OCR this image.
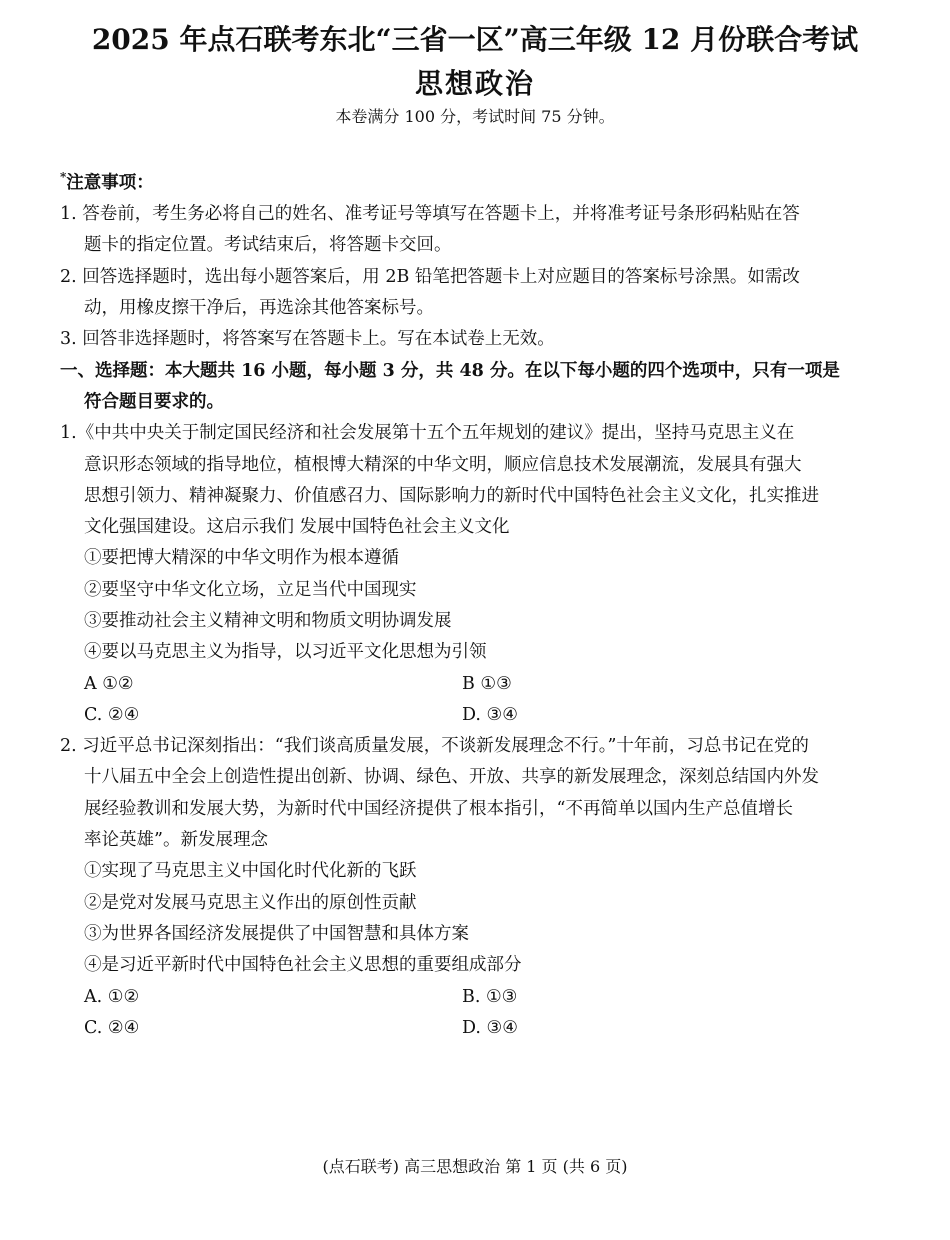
2025 年点石联考东北“三省一区”高三年级 12 月份联合考试
思想政治
本卷满分 100 分，考试时间 75 分钟。
*注意事项：
1. 答卷前，考生务必将自己的姓名、准考证号等填写在答题卡上，并将准考证号条形码粘贴在答
题卡的指定位置。考试结束后，将答题卡交回。
2. 回答选择题时，选出每小题答案后，用 2B 铅笔把答题卡上对应题目的答案标号涂黑。如需改
动，用橡皮擦干净后，再选涂其他答案标号。
3. 回答非选择题时，将答案写在答题卡上。写在本试卷上无效。
一、选择题：本大题共 16 小题，每小题 3 分，共 48 分。在以下每小题的四个选项中，只有一项是
符合题目要求的。
1.《中共中央关于制定国民经济和社会发展第十五个五年规划的建议》提出，坚持马克思主义在
意识形态领域的指导地位，植根博大精深的中华文明，顺应信息技术发展潮流，发展具有强大
思想引领力、精神凝聚力、价值感召力、国际影响力的新时代中国特色社会主义文化，扎实推进
文化强国建设。这启示我们 发展中国特色社会主义文化
①要把博大精深的中华文明作为根本遵循
②要坚守中华文化立场，立足当代中国现实
③要推动社会主义精神文明和物质文明协调发展
④要以马克思主义为指导，以习近平文化思想为引领
A ①②	B ①③
C. ②④	D. ③④
2. 习近平总书记深刻指出：“我们谈高质量发展，不谈新发展理念不行。”十年前，习总书记在党的
十八届五中全会上创造性提出创新、协调、绿色、开放、共享的新发展理念，深刻总结国内外发
展经验教训和发展大势，为新时代中国经济提供了根本指引，“不再简单以国内生产总值增长
率论英雄”。新发展理念
①实现了马克思主义中国化时代化新的飞跃
②是党对发展马克思主义作出的原创性贡献
③为世界各国经济发展提供了中国智慧和具体方案
④是习近平新时代中国特色社会主义思想的重要组成部分
A. ①②	B. ①③
C. ②④	D. ③④
(点石联考) 高三思想政治 第 1 页 (共 6 页)
